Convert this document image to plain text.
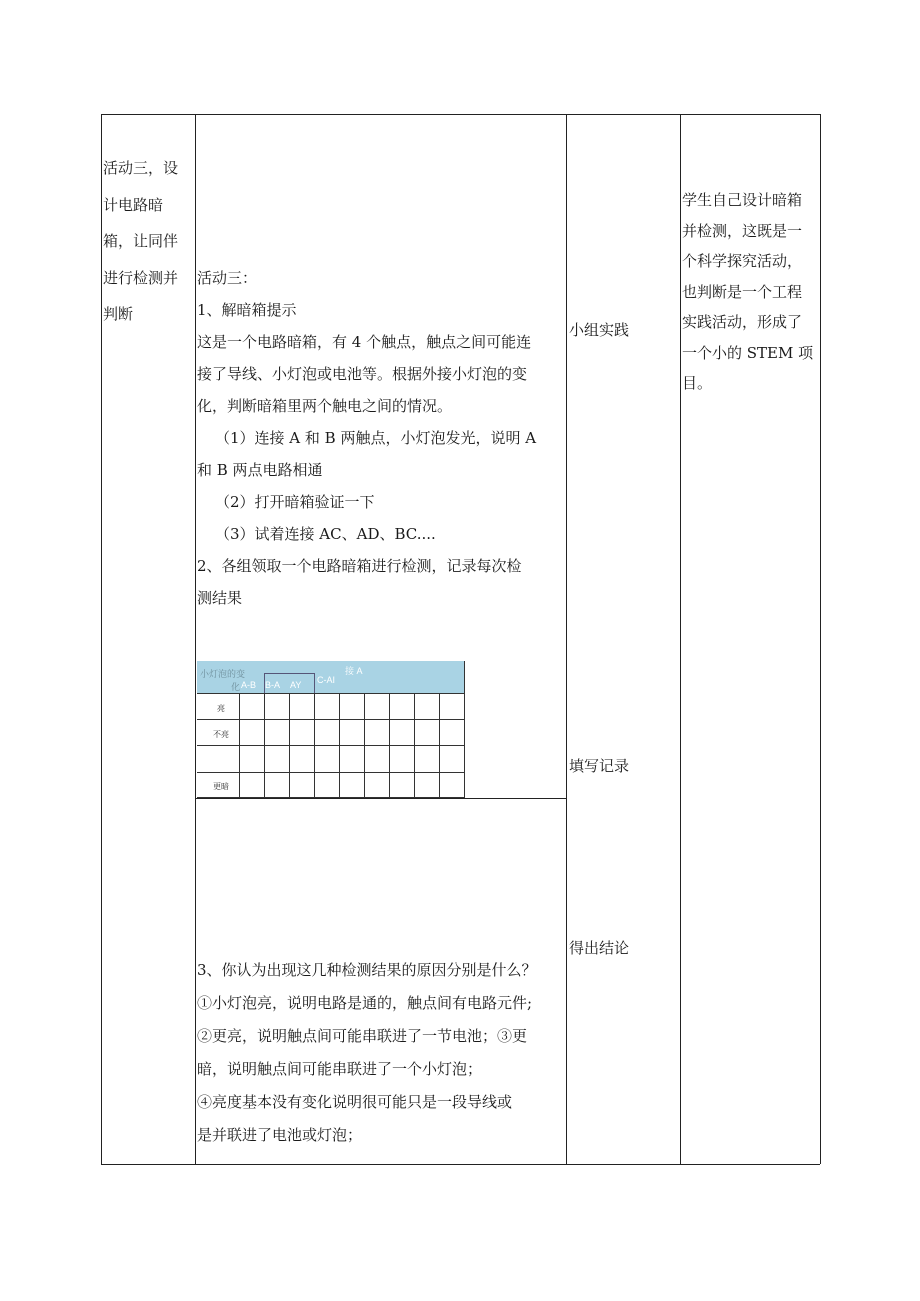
活动三，设
计电路暗
箱，让同伴
进行检测并
判断

活动三：

1、解暗箱提示

这是一个电路暗箱，有 4 个触点，触点之间可能连

接了导线、小灯泡或电池等。根据外接小灯泡的变

化，判断暗箱里两个触电之间的情况。

（1）连接 A 和 B 两触点，小灯泡发光，说明 A

和 B 两点电路相通

（2）打开暗箱验证一下

（3）试着连接 AC、AD、BC....

2、各组领取一个电路暗箱进行检测，记录每次检

测结果

小灯泡的变
化
接 A
A-B B-A AY C-AI
亮
不亮
更暗

3、你认为出现这几种检测结果的原因分别是什么？

①小灯泡亮，说明电路是通的，触点间有电路元件;

②更亮，说明触点间可能串联进了一节电池；③更

暗，说明触点间可能串联进了一个小灯泡；

④亮度基本没有变化说明很可能只是一段导线或

是并联进了电池或灯泡；

小组实践
填写记录
得出结论
学生自己设计暗箱
并检测，这既是一
个科学探究活动，
也判断是一个工程
实践活动，形成了
一个小的 STEM 项
目。
